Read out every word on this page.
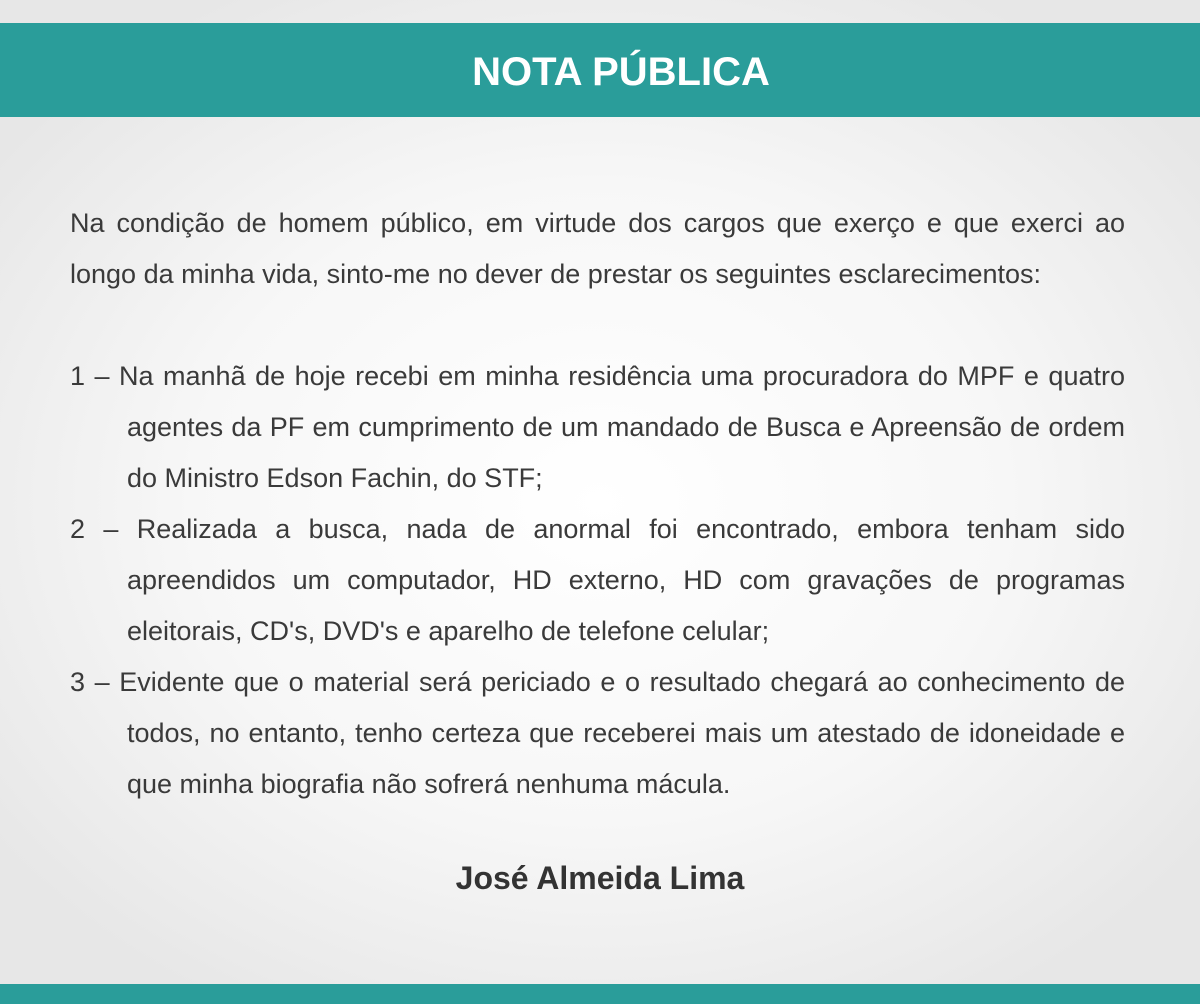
NOTA PÚBLICA

Na condição de homem público, em virtude dos cargos que exerço e que exerci ao longo da minha vida, sinto-me no dever de prestar os seguintes esclarecimentos:

1 – Na manhã de hoje recebi em minha residência uma procuradora do MPF e quatro agentes da PF em cumprimento de um mandado de Busca e Apreensão de ordem do Ministro Edson Fachin, do STF;
2 – Realizada a busca, nada de anormal foi encontrado, embora tenham sido apreendidos um computador, HD externo, HD com gravações de programas eleitorais, CD's, DVD's e aparelho de telefone celular;
3 – Evidente que o material será periciado e o resultado chegará ao conhecimento de todos, no entanto, tenho certeza que receberei mais um atestado de idoneidade e que minha biografia não sofrerá nenhuma mácula.
José Almeida Lima
